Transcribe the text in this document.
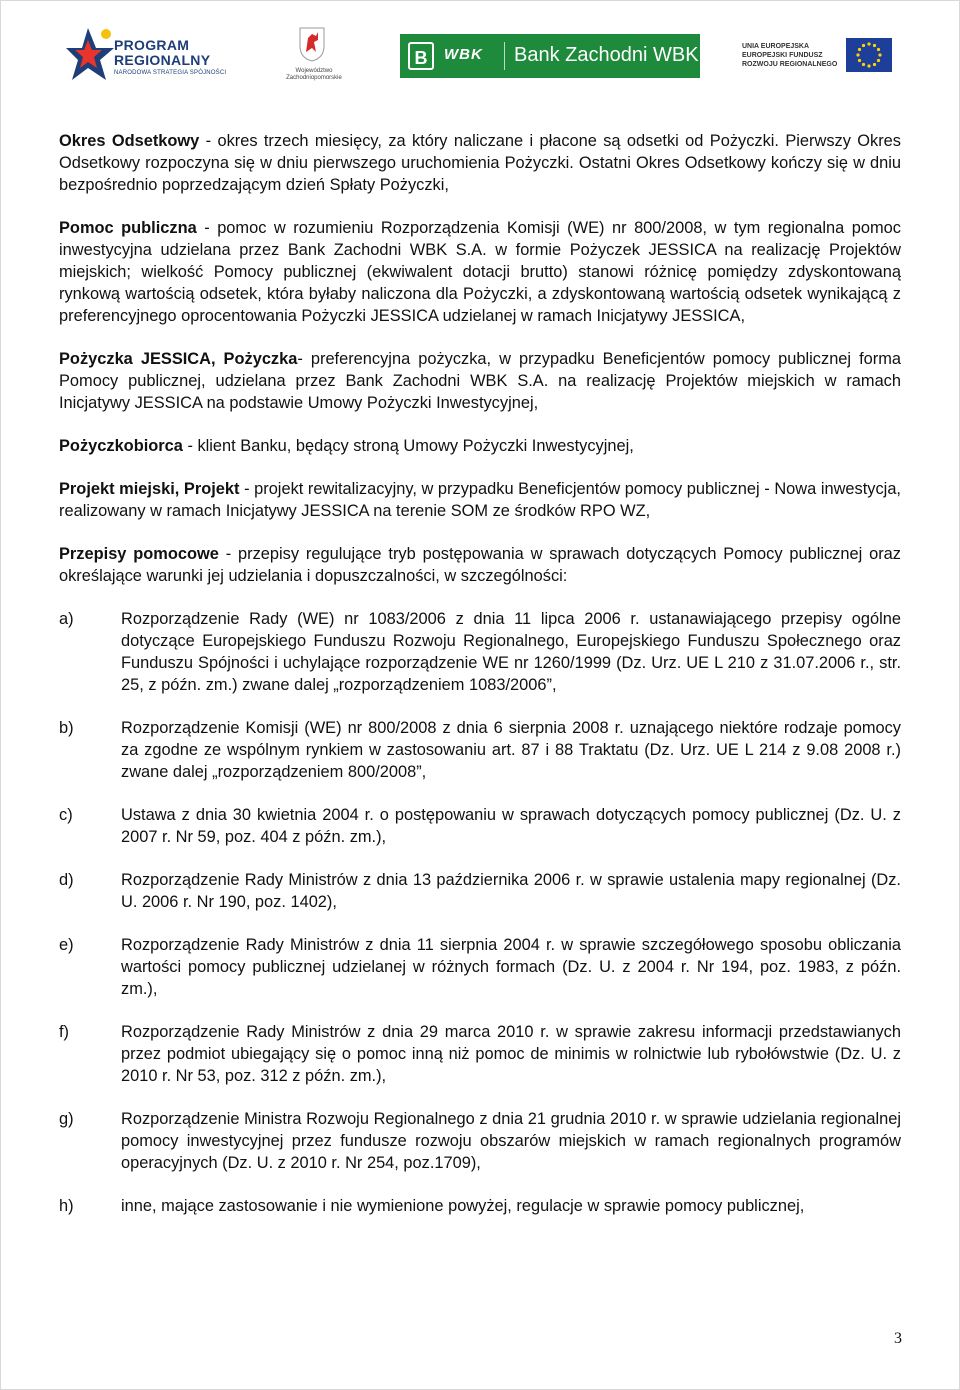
PROGRAM
REGIONALNY
NARODOWA STRATEGIA SPÓJNOŚCI	Województwo Zachodniopomorskie
B	WBK Bank Zachodni WBK	UNIA EUROPEJSKA
EUROPEJSKI FUNDUSZ
ROZWOJU REGIONALNEGO

Okres Odsetkowy - okres trzech miesięcy, za który naliczane i płacone są odsetki od Pożyczki. Pierwszy Okres Odsetkowy rozpoczyna się w dniu pierwszego uruchomienia Pożyczki. Ostatni Okres Odsetkowy kończy się w dniu bezpośrednio poprzedzającym dzień Spłaty Pożyczki,

Pomoc publiczna - pomoc w rozumieniu Rozporządzenia Komisji (WE) nr 800/2008, w tym regionalna pomoc inwestycyjna udzielana przez Bank Zachodni WBK S.A. w formie Pożyczek JESSICA na realizację Projektów miejskich; wielkość Pomocy publicznej (ekwiwalent dotacji brutto) stanowi różnicę pomiędzy zdyskontowaną rynkową wartością odsetek, która byłaby naliczona dla Pożyczki, a zdyskontowaną wartością odsetek wynikającą z preferencyjnego oprocentowania Pożyczki JESSICA udzielanej w ramach Inicjatywy JESSICA,

Pożyczka JESSICA, Pożyczka- preferencyjna pożyczka, w przypadku Beneficjentów pomocy publicznej forma Pomocy publicznej, udzielana przez Bank Zachodni WBK S.A. na realizację Projektów miejskich w ramach Inicjatywy JESSICA na podstawie Umowy Pożyczki Inwestycyjnej,

Pożyczkobiorca - klient Banku, będący stroną Umowy Pożyczki Inwestycyjnej,

Projekt miejski, Projekt - projekt rewitalizacyjny, w przypadku Beneficjentów pomocy publicznej - Nowa inwestycja, realizowany w ramach Inicjatywy JESSICA na terenie SOM ze środków RPO WZ,

Przepisy pomocowe - przepisy regulujące tryb postępowania w sprawach dotyczących Pomocy publicznej oraz określające warunki jej udzielania i dopuszczalności, w szczególności:

a)	Rozporządzenie Rady (WE) nr 1083/2006 z dnia 11 lipca 2006 r. ustanawiającego przepisy ogólne dotyczące Europejskiego Funduszu Rozwoju Regionalnego, Europejskiego Funduszu Społecznego oraz Funduszu Spójności i uchylające rozporządzenie WE nr 1260/1999 (Dz. Urz. UE L 210 z 31.07.2006 r., str. 25, z późn. zm.) zwane dalej „rozporządzeniem 1083/2006”,
b)	Rozporządzenie Komisji (WE) nr 800/2008 z dnia 6 sierpnia 2008 r. uznającego niektóre rodzaje pomocy za zgodne ze wspólnym rynkiem w zastosowaniu art. 87 i 88 Traktatu (Dz. Urz. UE L 214 z 9.08 2008 r.) zwane dalej „rozporządzeniem 800/2008”,
c)	Ustawa z dnia 30 kwietnia 2004 r. o postępowaniu w sprawach dotyczących pomocy publicznej (Dz. U. z 2007 r. Nr 59, poz. 404 z późn. zm.),
d)	Rozporządzenie Rady Ministrów z dnia 13 października 2006 r. w sprawie ustalenia mapy regionalnej (Dz. U. 2006 r. Nr 190, poz. 1402),
e)	Rozporządzenie Rady Ministrów z dnia 11 sierpnia 2004 r. w sprawie szczegółowego sposobu obliczania wartości pomocy publicznej udzielanej w różnych formach (Dz. U. z 2004 r. Nr 194, poz. 1983, z późn. zm.),
f)	Rozporządzenie Rady Ministrów z dnia 29 marca 2010 r. w sprawie zakresu informacji przedstawianych przez podmiot ubiegający się o pomoc inną niż pomoc de minimis w rolnictwie lub rybołówstwie (Dz. U. z 2010 r. Nr 53, poz. 312 z późn. zm.),
g)	Rozporządzenie Ministra Rozwoju Regionalnego z dnia 21 grudnia 2010 r. w sprawie udzielania regionalnej pomocy inwestycyjnej przez fundusze rozwoju obszarów miejskich w ramach regionalnych programów operacyjnych (Dz. U. z 2010 r. Nr 254, poz.1709),
h)	inne, mające zastosowanie i nie wymienione powyżej, regulacje w sprawie pomocy publicznej,
3
